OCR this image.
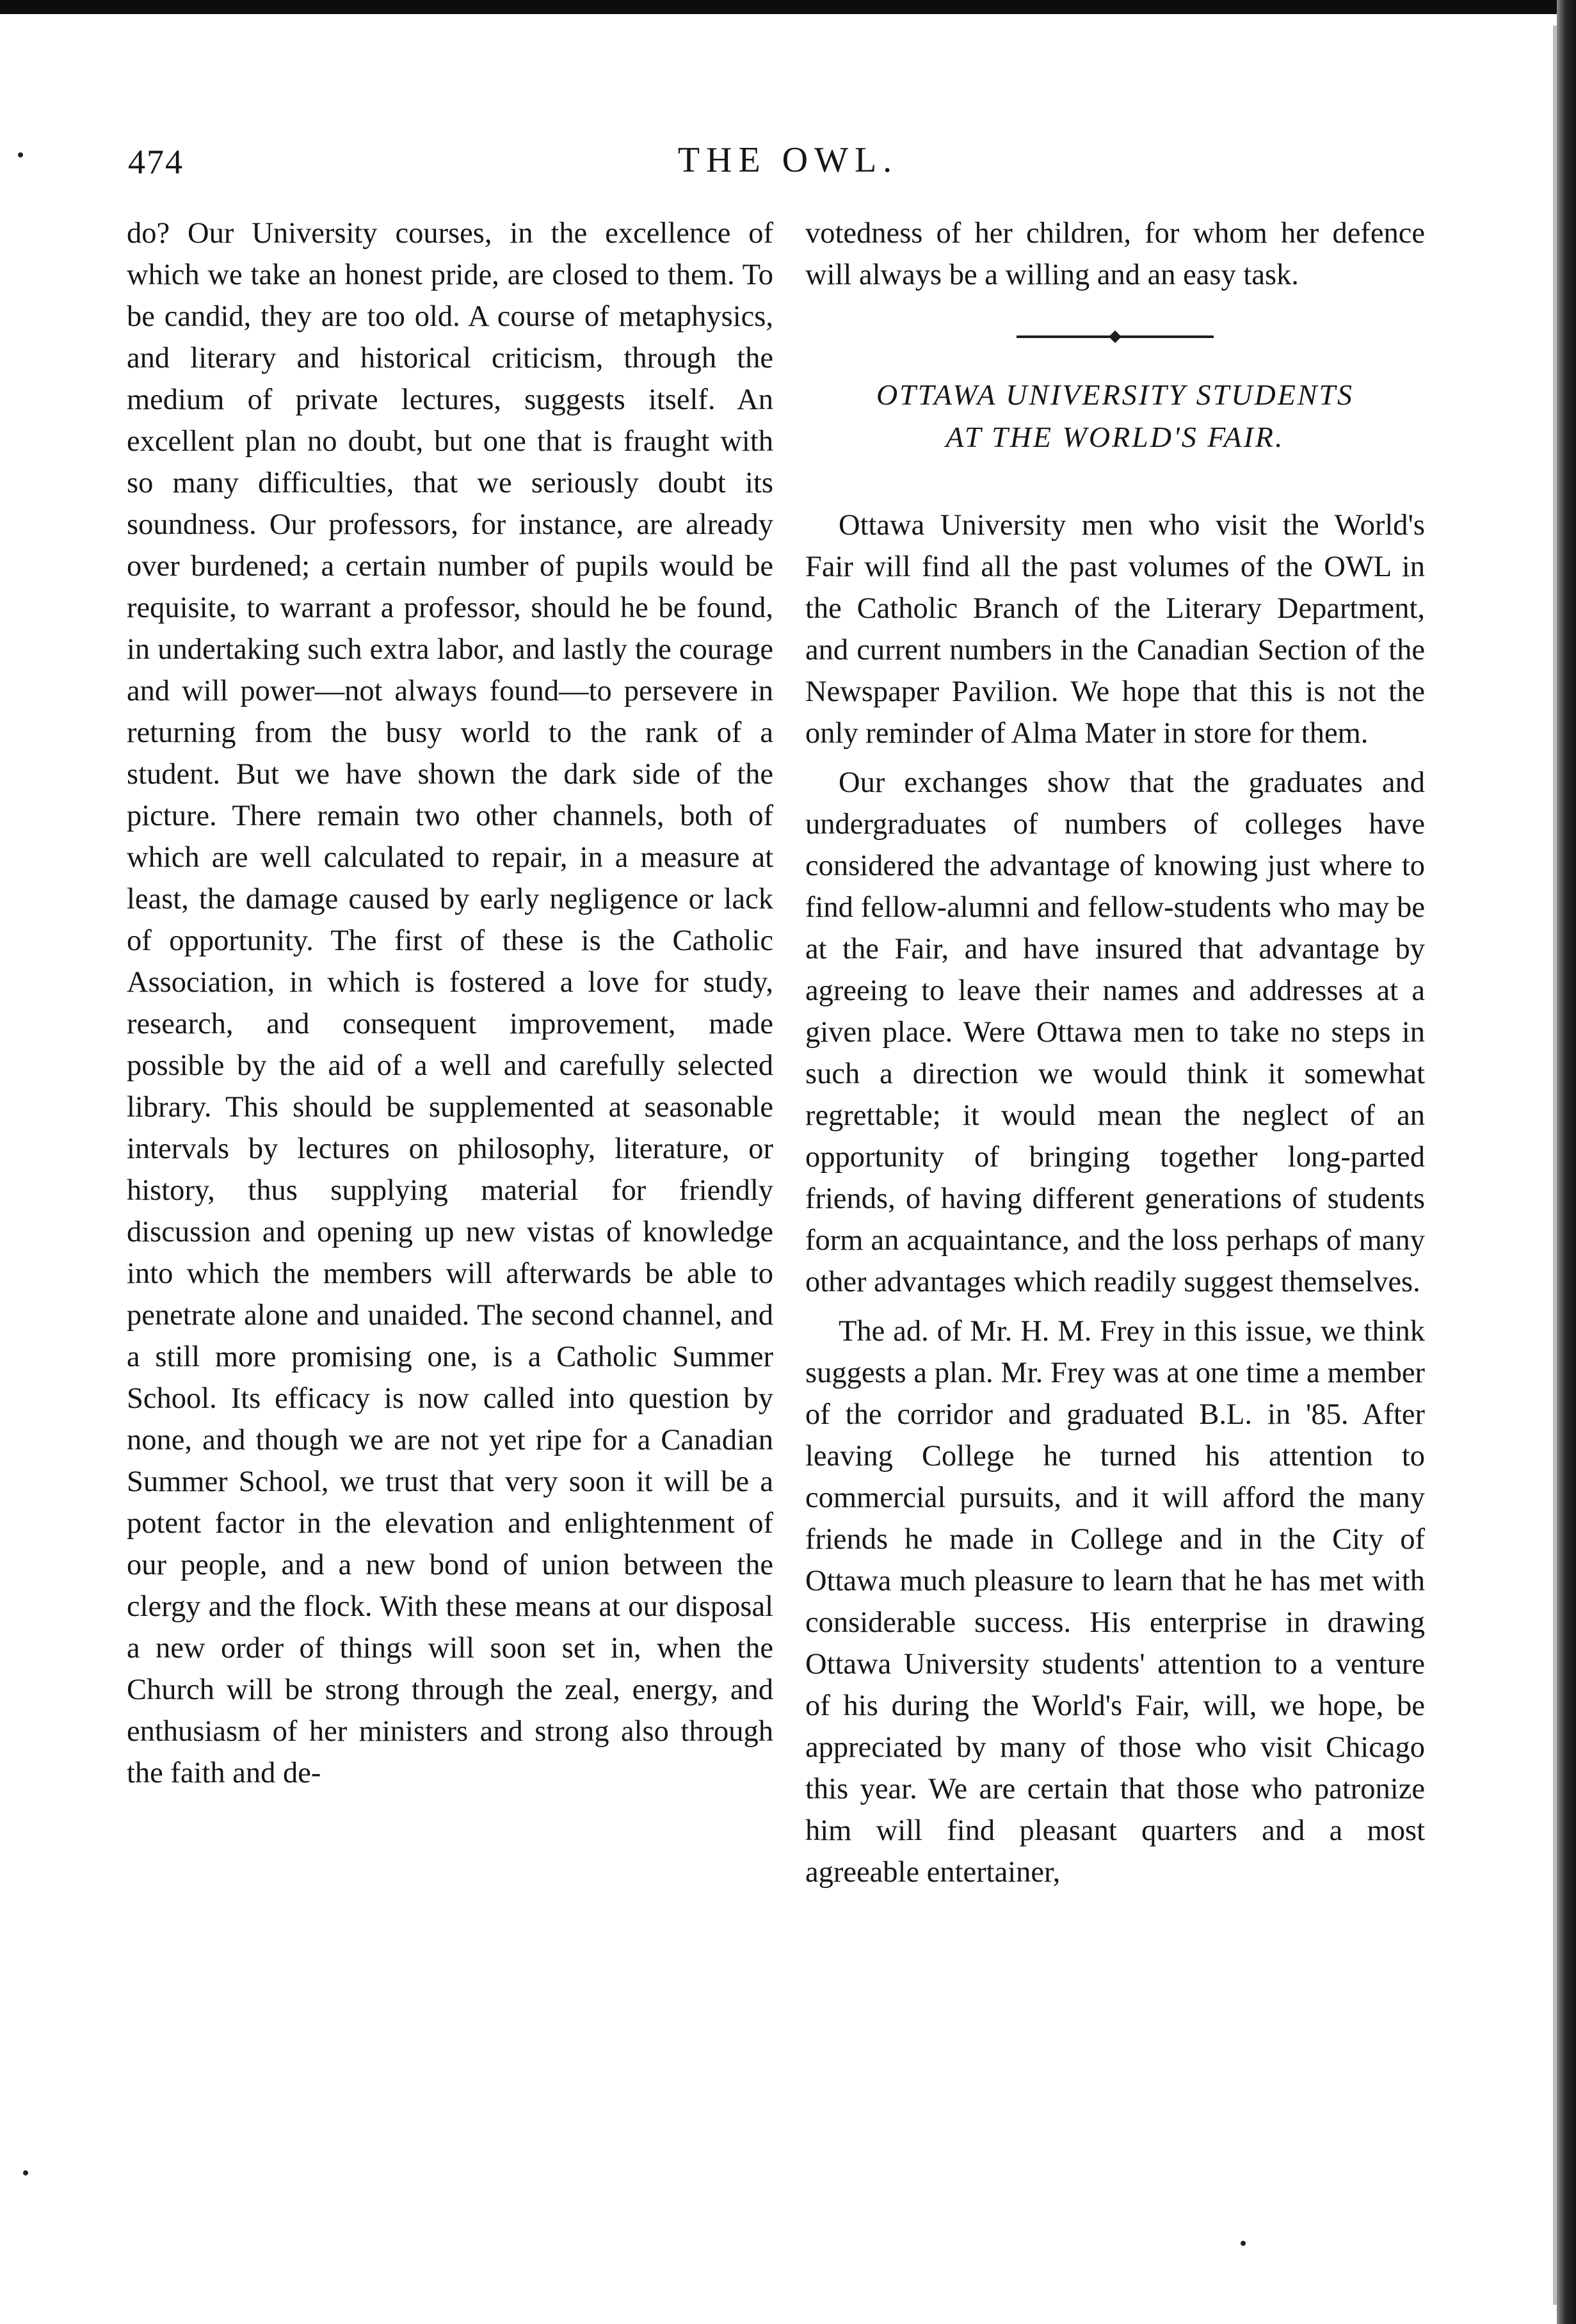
474	THE OWL.

do? Our University courses, in the excellence of which we take an honest pride, are closed to them. To be candid, they are too old. A course of metaphysics, and literary and historical criticism, through the medium of private lectures, suggests itself. An excellent plan no doubt, but one that is fraught with so many difficulties, that we seriously doubt its soundness. Our professors, for instance, are already over burdened; a certain number of pupils would be requisite, to warrant a professor, should he be found, in undertaking such extra labor, and lastly the courage and will power—not always found—to persevere in returning from the busy world to the rank of a student. But we have shown the dark side of the picture. There remain two other channels, both of which are well calculated to repair, in a measure at least, the damage caused by early negligence or lack of opportunity. The first of these is the Catholic Association, in which is fostered a love for study, research, and consequent improvement, made possible by the aid of a well and carefully selected library. This should be supplemented at seasonable intervals by lectures on philosophy, literature, or history, thus supplying material for friendly discussion and opening up new vistas of knowledge into which the members will afterwards be able to penetrate alone and unaided. The second channel, and a still more promising one, is a Catholic Summer School. Its efficacy is now called into question by none, and though we are not yet ripe for a Canadian Summer School, we trust that very soon it will be a potent factor in the elevation and enlightenment of our people, and a new bond of union between the clergy and the flock. With these means at our disposal a new order of things will soon set in, when the Church will be strong through the zeal, energy, and enthusiasm of her ministers and strong also through the faith and de-

votedness of her children, for whom her defence will always be a willing and an easy task.

OTTAWA UNIVERSITY STUDENTS
AT THE WORLD'S FAIR.

Ottawa University men who visit the World's Fair will find all the past volumes of the OWL in the Catholic Branch of the Literary Department, and current numbers in the Canadian Section of the Newspaper Pavilion. We hope that this is not the only reminder of Alma Mater in store for them.

Our exchanges show that the graduates and undergraduates of numbers of colleges have considered the advantage of knowing just where to find fellow-alumni and fellow-students who may be at the Fair, and have insured that advantage by agreeing to leave their names and addresses at a given place. Were Ottawa men to take no steps in such a direction we would think it somewhat regrettable; it would mean the neglect of an opportunity of bringing together long-parted friends, of having different generations of students form an acquaintance, and the loss perhaps of many other advantages which readily suggest themselves.

The ad. of Mr. H. M. Frey in this issue, we think suggests a plan. Mr. Frey was at one time a member of the corridor and graduated B.L. in '85. After leaving College he turned his attention to commercial pursuits, and it will afford the many friends he made in College and in the City of Ottawa much pleasure to learn that he has met with considerable success. His enterprise in drawing Ottawa University students' attention to a venture of his during the World's Fair, will, we hope, be appreciated by many of those who visit Chicago this year. We are certain that those who patronize him will find pleasant quarters and a most agreeable entertainer,
